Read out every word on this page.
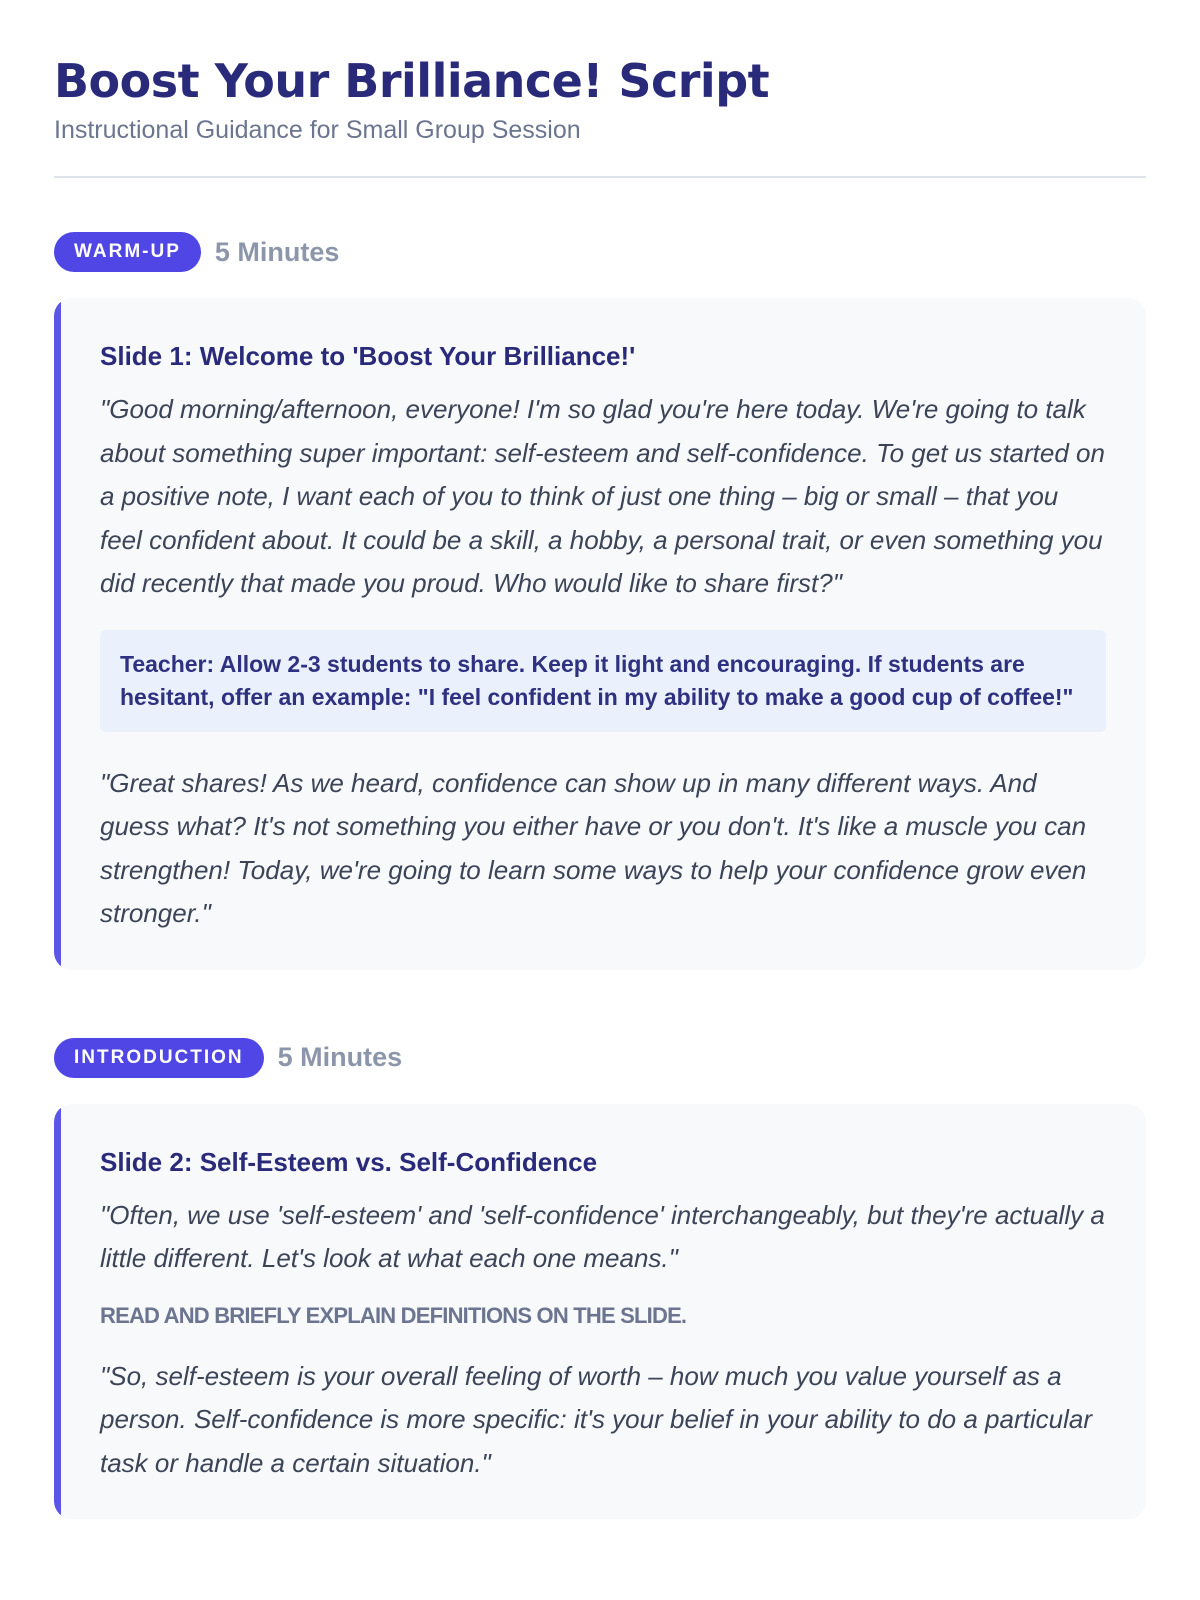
Boost Your Brilliance! Script
Instructional Guidance for Small Group Session
WARM-UP	5 Minutes
Slide 1: Welcome to 'Boost Your Brilliance!'

"Good morning/afternoon, everyone! I'm so glad you're here today. We're going to talk about something super important: self-esteem and self-confidence. To get us started on a positive note, I want each of you to think of just one thing – big or small – that you feel confident about. It could be a skill, a hobby, a personal trait, or even something you did recently that made you proud. Who would like to share first?"

Teacher: Allow 2-3 students to share. Keep it light and encouraging. If students are hesitant, offer an example: "I feel confident in my ability to make a good cup of coffee!"

"Great shares! As we heard, confidence can show up in many different ways. And guess what? It's not something you either have or you don't. It's like a muscle you can strengthen! Today, we're going to learn some ways to help your confidence grow even stronger."

INTRODUCTION	5 Minutes
Slide 2: Self-Esteem vs. Self-Confidence

"Often, we use 'self-esteem' and 'self-confidence' interchangeably, but they're actually a little different. Let's look at what each one means."

READ AND BRIEFLY EXPLAIN DEFINITIONS ON THE SLIDE.

"So, self-esteem is your overall feeling of worth – how much you value yourself as a person. Self-confidence is more specific: it's your belief in your ability to do a particular task or handle a certain situation."
